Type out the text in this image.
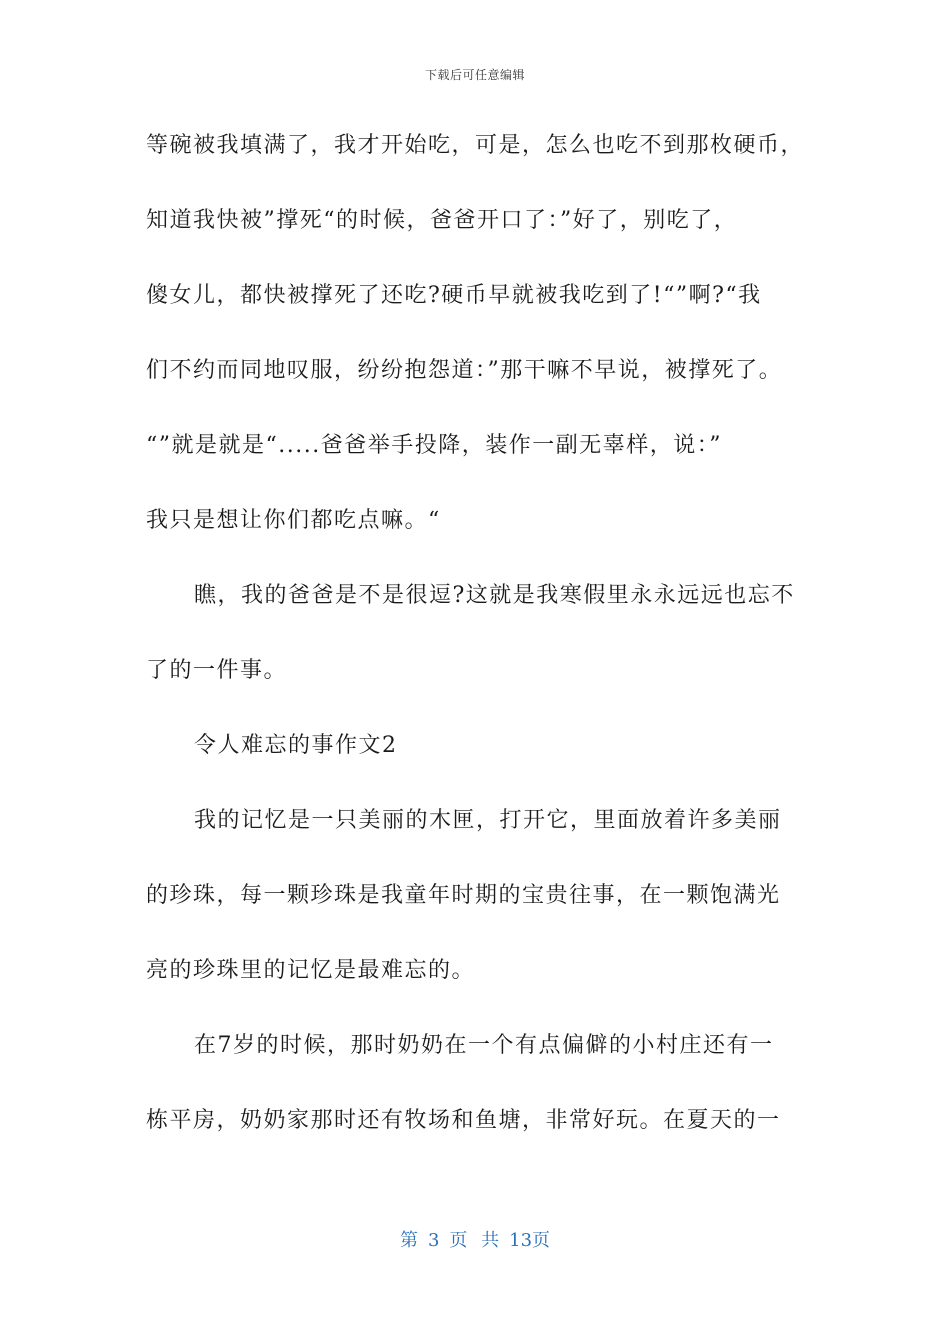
下载后可任意编辑
等碗被我填满了，我才开始吃，可是，怎么也吃不到那枚硬币，
知道我快被”撑死“的时候，爸爸开口了：”好了，别吃了，
傻女儿，都快被撑死了还吃?硬币早就被我吃到了!“”啊?“我
们不约而同地叹服，纷纷抱怨道：”那干嘛不早说，被撑死了。
“”就是就是“.....爸爸举手投降，装作一副无辜样，说：”
我只是想让你们都吃点嘛。“
瞧，我的爸爸是不是很逗?这就是我寒假里永永远远也忘不
了的一件事。
令人难忘的事作文2
我的记忆是一只美丽的木匣，打开它，里面放着许多美丽
的珍珠，每一颗珍珠是我童年时期的宝贵往事，在一颗饱满光
亮的珍珠里的记忆是最难忘的。
在7岁的时候，那时奶奶在一个有点偏僻的小村庄还有一
栋平房，奶奶家那时还有牧场和鱼塘，非常好玩。在夏天的一
第 3 页 共 13页
